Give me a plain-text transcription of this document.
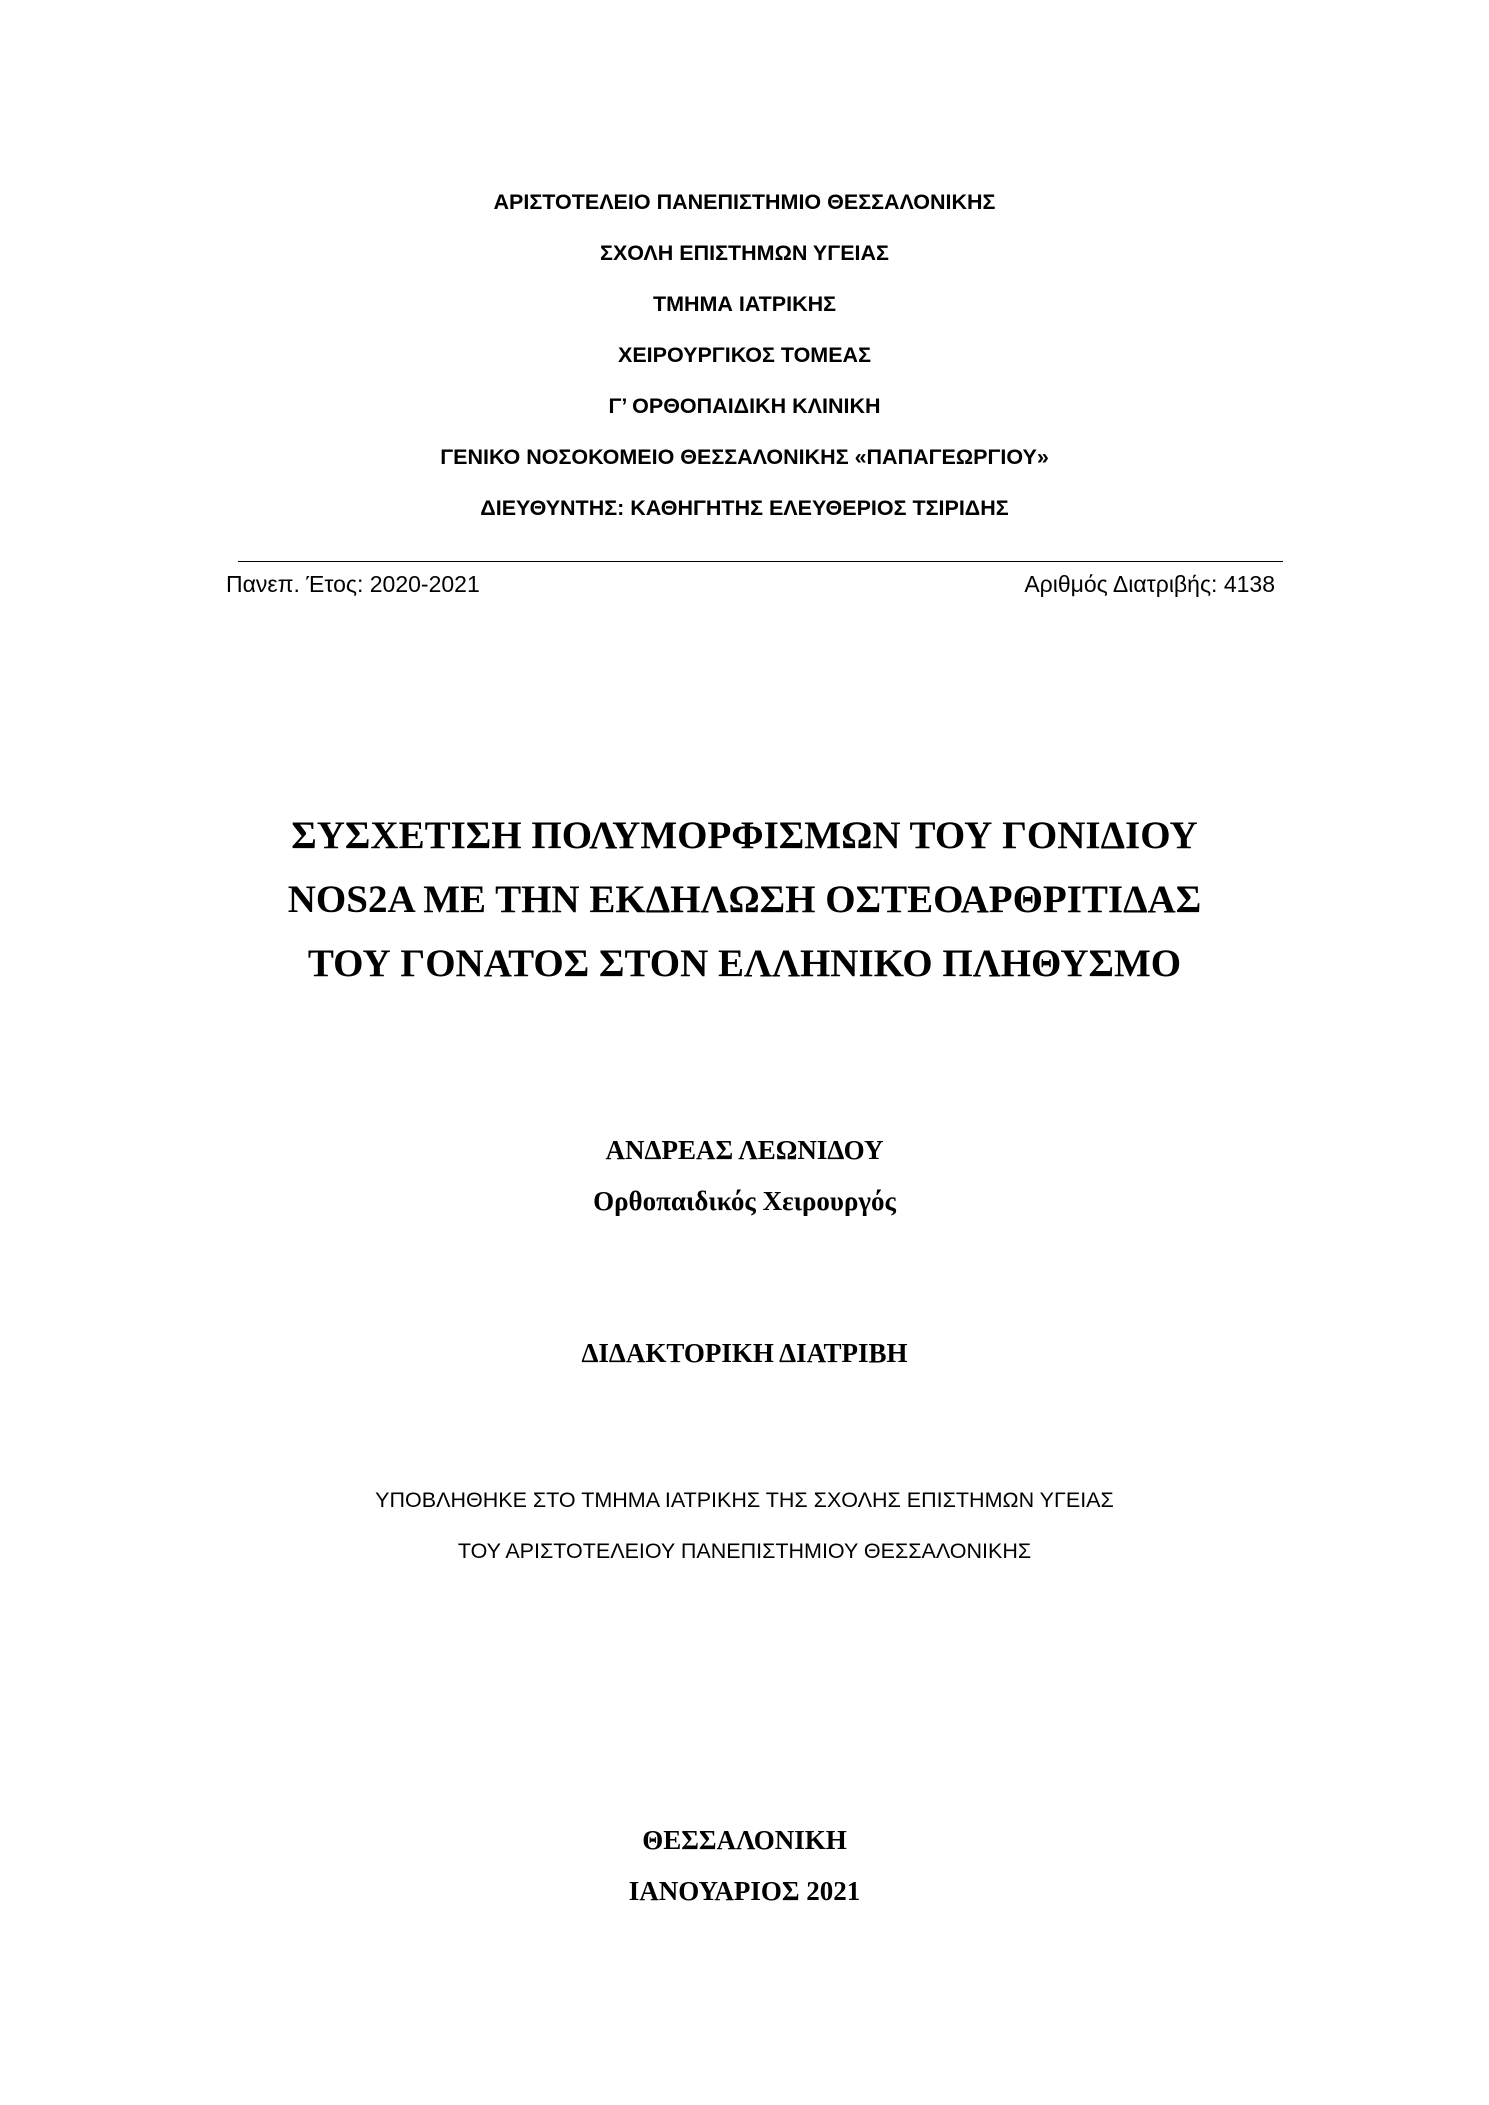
ΑΡΙΣΤΟΤΕΛΕΙΟ ΠΑΝΕΠΙΣΤΗΜΙΟ ΘΕΣΣΑΛΟΝΙΚΗΣ
ΣΧΟΛΗ ΕΠΙΣΤΗΜΩΝ ΥΓΕΙΑΣ
ΤΜΗΜΑ ΙΑΤΡΙΚΗΣ
ΧΕΙΡΟΥΡΓΙΚΟΣ ΤΟΜΕΑΣ
Γ’ ΟΡΘΟΠΑΙΔΙΚΗ ΚΛΙΝΙΚΗ
ΓΕΝΙΚΟ ΝΟΣΟΚΟΜΕΙΟ ΘΕΣΣΑΛΟΝΙΚΗΣ «ΠΑΠΑΓΕΩΡΓΙΟΥ»
ΔΙΕΥΘΥΝΤΗΣ: ΚΑΘΗΓΗΤΗΣ ΕΛΕΥΘΕΡΙΟΣ ΤΣΙΡΙΔΗΣ
Πανεπ. Έτος: 2020-2021	Αριθμός Διατριβής: 4138
ΣΥΣΧΕΤΙΣΗ ΠΟΛΥΜΟΡΦΙΣΜΩΝ ΤΟΥ ΓΟΝΙΔΙΟΥ
NOS2A ΜΕ ΤΗΝ ΕΚΔΗΛΩΣΗ ΟΣΤΕΟΑΡΘΡΙΤΙΔΑΣ
ΤΟΥ ΓΟΝΑΤΟΣ ΣΤΟΝ ΕΛΛΗΝΙΚΟ ΠΛΗΘΥΣΜΟ
ΑΝΔΡΕΑΣ ΛΕΩΝΙΔΟΥ
Ορθοπαιδικός Χειρουργός
ΔΙΔΑΚΤΟΡΙΚΗ ΔΙΑΤΡΙΒΗ
ΥΠΟΒΛΗΘΗΚΕ ΣΤΟ ΤΜΗΜΑ ΙΑΤΡΙΚΗΣ ΤΗΣ ΣΧΟΛΗΣ ΕΠΙΣΤΗΜΩΝ ΥΓΕΙΑΣ
ΤΟΥ ΑΡΙΣΤΟΤΕΛΕΙΟΥ ΠΑΝΕΠΙΣΤΗΜΙΟΥ ΘΕΣΣΑΛΟΝΙΚΗΣ
ΘΕΣΣΑΛΟΝΙΚΗ
ΙΑΝΟΥΑΡΙΟΣ 2021
